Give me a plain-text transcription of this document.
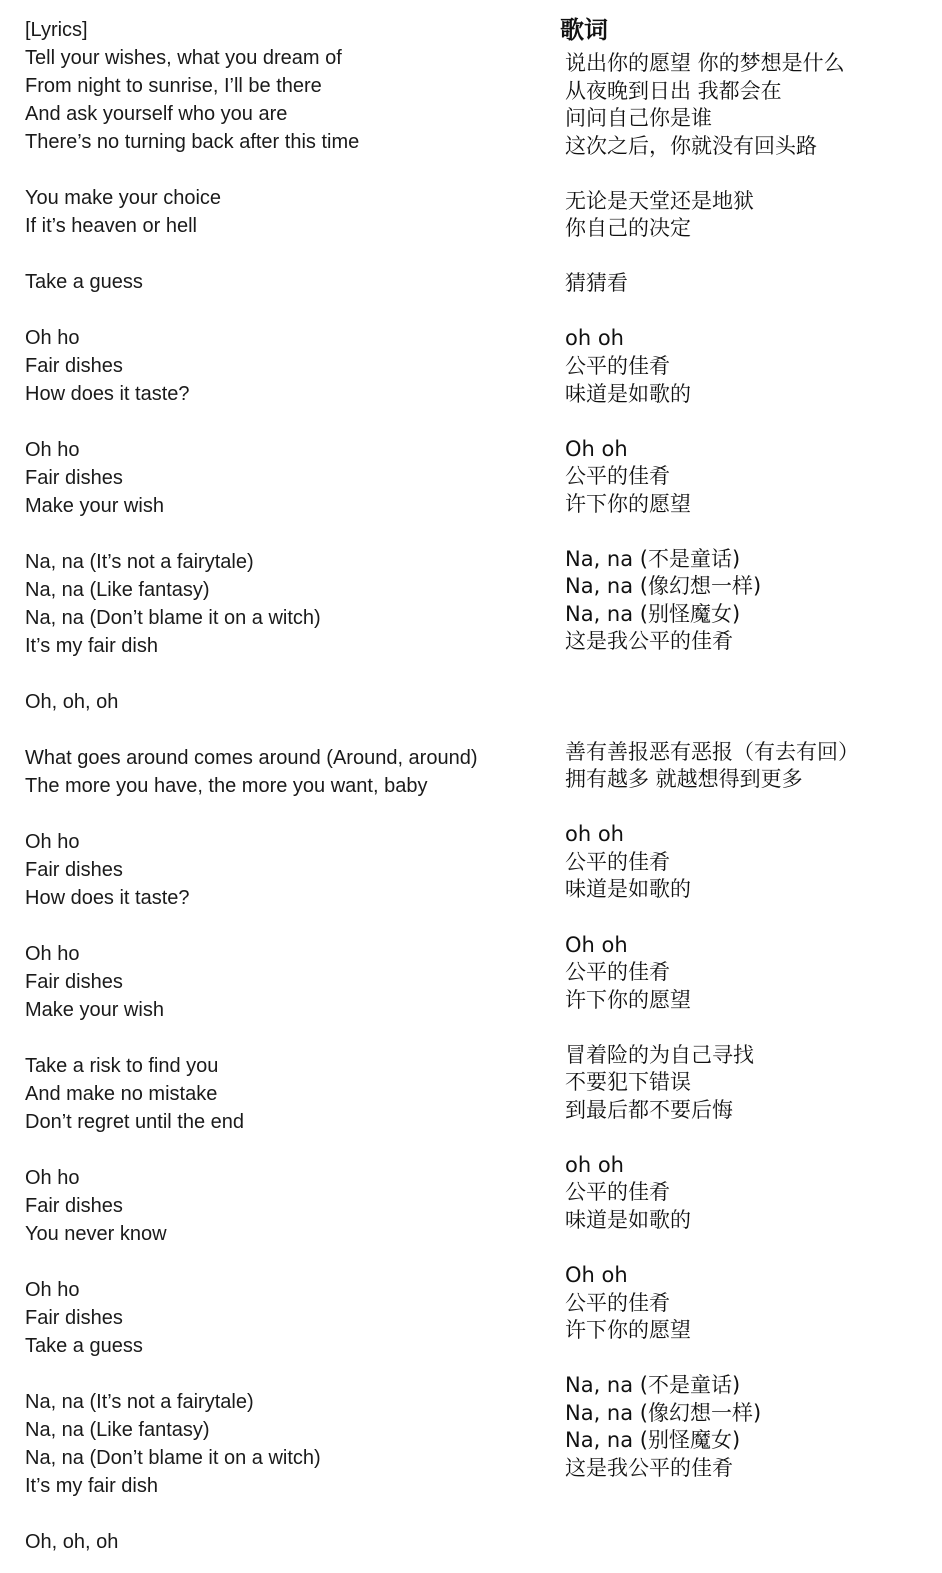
[Lyrics]
Tell your wishes, what you dream of
From night to sunrise, I’ll be there
And ask yourself who you are
There’s no turning back after this time
You make your choice
If it’s heaven or hell
Take a guess
Oh ho
Fair dishes
How does it taste?
Oh ho
Fair dishes
Make your wish
Na, na (It’s not a fairytale)
Na, na (Like fantasy)
Na, na (Don’t blame it on a witch)
It’s my fair dish
Oh, oh, oh
What goes around comes around (Around, around)
The more you have, the more you want, baby
Oh ho
Fair dishes
How does it taste?
Oh ho
Fair dishes
Make your wish
Take a risk to find you
And make no mistake
Don’t regret until the end
Oh ho
Fair dishes
You never know
Oh ho
Fair dishes
Take a guess
Na, na (It’s not a fairytale)
Na, na (Like fantasy)
Na, na (Don’t blame it on a witch)
It’s my fair dish
Oh, oh, oh
歌词
说出你的愿望 你的梦想是什么
从夜晚到日出 我都会在
问问自己你是谁
这次之后，你就没有回头路
无论是天堂还是地狱
你自己的决定
猜猜看
oh oh
公平的佳肴
味道是如歌的
Oh oh
公平的佳肴
许下你的愿望
Na, na (不是童话)
Na, na (像幻想一样)
Na, na (别怪魔女)
这是我公平的佳肴
善有善报恶有恶报（有去有回）
拥有越多 就越想得到更多
oh oh
公平的佳肴
味道是如歌的
Oh oh
公平的佳肴
许下你的愿望
冒着险的为自己寻找
不要犯下错误
到最后都不要后悔
oh oh
公平的佳肴
味道是如歌的
Oh oh
公平的佳肴
许下你的愿望
Na, na (不是童话)
Na, na (像幻想一样)
Na, na (别怪魔女)
这是我公平的佳肴
